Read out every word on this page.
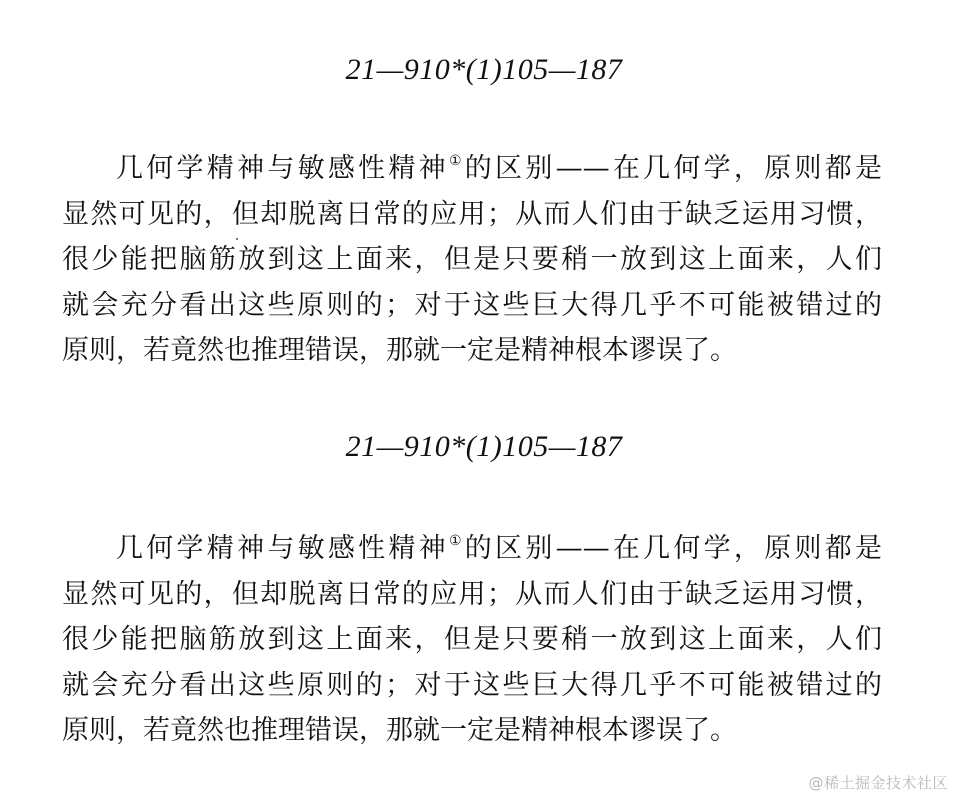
21—910*(1)105—187
几何学精神与敏感性精神①的区别——在几何学，原则都是
显然可见的，但却脱离日常的应用；从而人们由于缺乏运用习惯，
很少能把脑筋放到这上面来，但是只要稍一放到这上面来，人们
就会充分看出这些原则的；对于这些巨大得几乎不可能被错过的
原则，若竟然也推理错误，那就一定是精神根本谬误了。
21—910*(1)105—187
几何学精神与敏感性精神①的区别——在几何学，原则都是
显然可见的，但却脱离日常的应用；从而人们由于缺乏运用习惯，
很少能把脑筋放到这上面来，但是只要稍一放到这上面来，人们
就会充分看出这些原则的；对于这些巨大得几乎不可能被错过的
原则，若竟然也推理错误，那就一定是精神根本谬误了。
@稀土掘金技术社区
